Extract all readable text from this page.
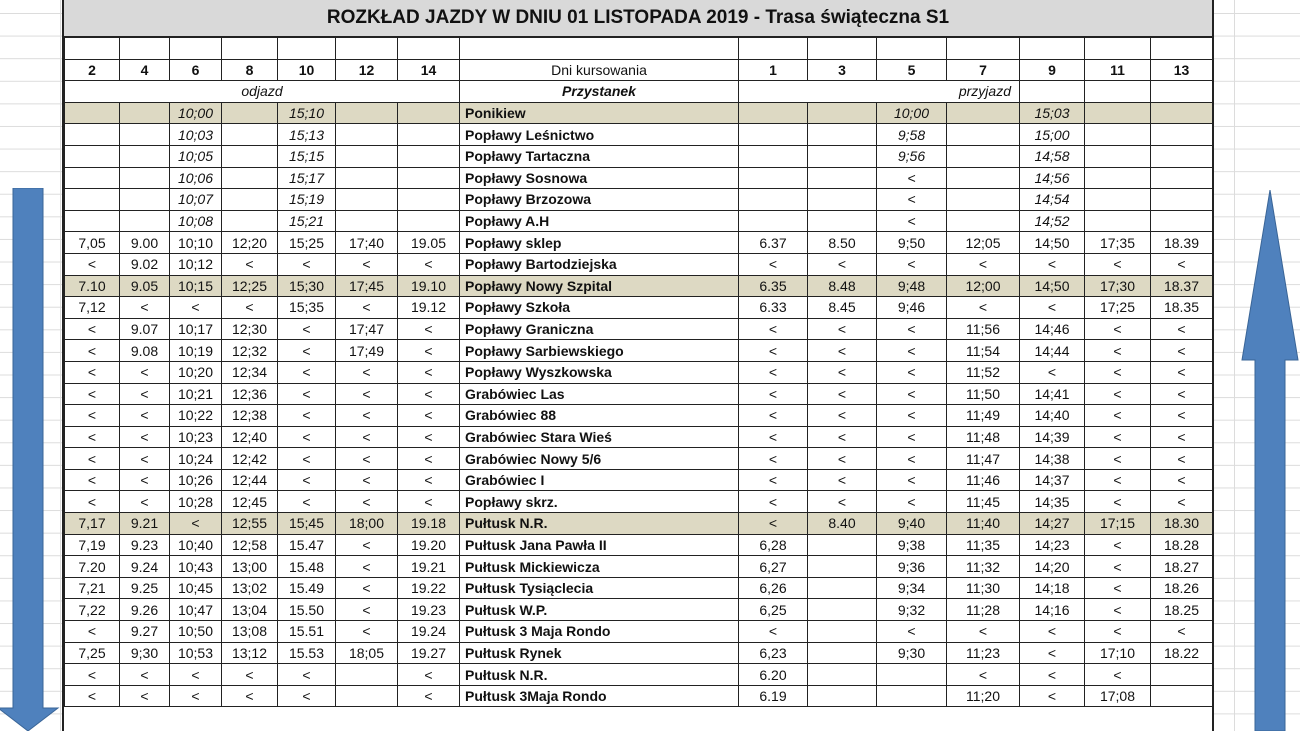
ROZKŁAD JAZDY W DNIU 01 LISTOPADA 2019 - Trasa świąteczna S1

2	4	6	8	10	12	14	Dni kursowania	1	3	5	7	9	11	13
odjazd							Przystanek	przyjazd						
		10;00		15;10			Ponikiew			10;00		15;03		
		10;03		15;13			Popławy Leśnictwo			9;58		15;00		
		10;05		15;15			Popławy Tartaczna			9;56		14;58		
		10;06		15;17			Popławy Sosnowa			<		14;56		
		10;07		15;19			Popławy Brzozowa			<		14;54		
		10;08		15;21			Popławy A.H			<		14;52		
7,05	9.00	10;10	12;20	15;25	17;40	19.05	Popławy sklep	6.37	8.50	9;50	12;05	14;50	17;35	18.39
<	9.02	10;12	<	<	<	<	Popławy Bartodziejska	<	<	<	<	<	<	<
7.10	9.05	10;15	12;25	15;30	17;45	19.10	Popławy Nowy Szpital	6.35	8.48	9;48	12;00	14;50	17;30	18.37
7,12	<	<	<	15;35	<	19.12	Popławy Szkoła	6.33	8.45	9;46	<	<	17;25	18.35
<	9.07	10;17	12;30	<	17;47	<	Popławy Graniczna	<	<	<	11;56	14;46	<	<
<	9.08	10;19	12;32	<	17;49	<	Popławy Sarbiewskiego	<	<	<	11;54	14;44	<	<
<	<	10;20	12;34	<	<	<	Popławy Wyszkowska	<	<	<	11;52	<	<	<
<	<	10;21	12;36	<	<	<	Grabówiec Las	<	<	<	11;50	14;41	<	<
<	<	10;22	12;38	<	<	<	Grabówiec 88	<	<	<	11;49	14;40	<	<
<	<	10;23	12;40	<	<	<	Grabówiec Stara Wieś	<	<	<	11;48	14;39	<	<
<	<	10;24	12;42	<	<	<	Grabówiec Nowy 5/6	<	<	<	11;47	14;38	<	<
<	<	10;26	12;44	<	<	<	Grabówiec I	<	<	<	11;46	14;37	<	<
<	<	10;28	12;45	<	<	<	Popławy skrz.	<	<	<	11;45	14;35	<	<
7,17	9.21	<	12;55	15;45	18;00	19.18	Pułtusk N.R.	<	8.40	9;40	11;40	14;27	17;15	18.30
7,19	9.23	10;40	12;58	15.47	<	19.20	Pułtusk Jana Pawła II	6,28		9;38	11;35	14;23	<	18.28
7.20	9.24	10;43	13;00	15.48	<	19.21	Pułtusk Mickiewicza	6,27		9;36	11;32	14;20	<	18.27
7,21	9.25	10;45	13;02	15.49	<	19.22	Pułtusk Tysiąclecia	6,26		9;34	11;30	14;18	<	18.26
7,22	9.26	10;47	13;04	15.50	<	19.23	Pułtusk W.P.	6,25		9;32	11;28	14;16	<	18.25
<	9.27	10;50	13;08	15.51	<	19.24	Pułtusk 3 Maja Rondo	<		<	<	<	<	<
7,25	9;30	10;53	13;12	15.53	18;05	19.27	Pułtusk Rynek	6,23		9;30	11;23	<	17;10	18.22
<	<	<	<	<		<	Pułtusk N.R.	6.20			<	<	<	
<	<	<	<	<		<	Pułtusk 3Maja Rondo	6.19			11;20	<	17;08	
